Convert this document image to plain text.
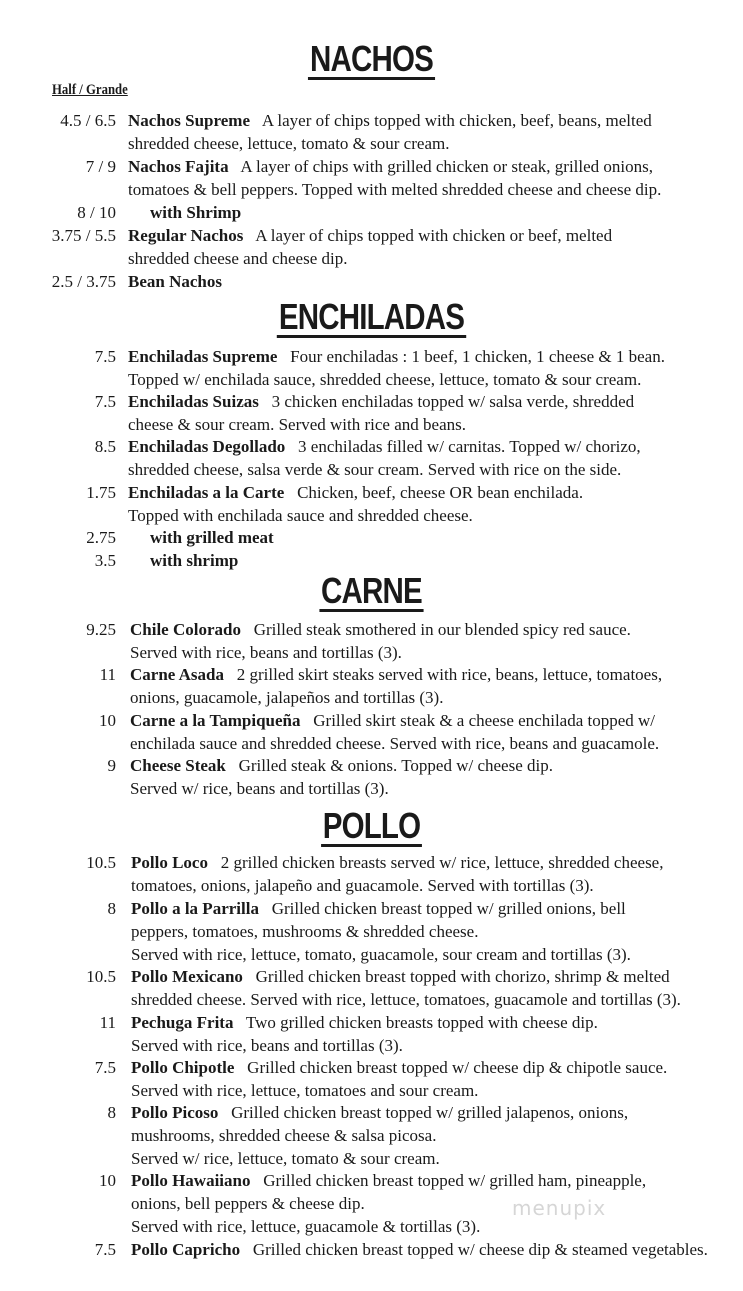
NACHOS
Half / Grande
4.5 / 6.5 Nachos Supreme A layer of chips topped with chicken, beef, beans, melted
shredded cheese, lettuce, tomato & sour cream.
7 / 9 Nachos Fajita A layer of chips with grilled chicken or steak, grilled onions,
tomatoes & bell peppers. Topped with melted shredded cheese and cheese dip.
8 / 10 with Shrimp
3.75 / 5.5 Regular Nachos A layer of chips topped with chicken or beef, melted
shredded cheese and cheese dip.
2.5 / 3.75 Bean Nachos
ENCHILADAS
7.5 Enchiladas Supreme Four enchiladas : 1 beef, 1 chicken, 1 cheese & 1 bean.
Topped w/ enchilada sauce, shredded cheese, lettuce, tomato & sour cream.
7.5 Enchiladas Suizas 3 chicken enchiladas topped w/ salsa verde, shredded
cheese & sour cream. Served with rice and beans.
8.5 Enchiladas Degollado 3 enchiladas filled w/ carnitas. Topped w/ chorizo,
shredded cheese, salsa verde & sour cream. Served with rice on the side.
1.75 Enchiladas a la Carte Chicken, beef, cheese OR bean enchilada.
Topped with enchilada sauce and shredded cheese.
2.75 with grilled meat
3.5 with shrimp
CARNE
9.25 Chile Colorado Grilled steak smothered in our blended spicy red sauce.
Served with rice, beans and tortillas (3).
11 Carne Asada 2 grilled skirt steaks served with rice, beans, lettuce, tomatoes,
onions, guacamole, jalapeños and tortillas (3).
10 Carne a la Tampiqueña Grilled skirt steak & a cheese enchilada topped w/
enchilada sauce and shredded cheese. Served with rice, beans and guacamole.
9 Cheese Steak Grilled steak & onions. Topped w/ cheese dip.
Served w/ rice, beans and tortillas (3).
POLLO
10.5 Pollo Loco 2 grilled chicken breasts served w/ rice, lettuce, shredded cheese,
tomatoes, onions, jalapeño and guacamole. Served with tortillas (3).
8 Pollo a la Parrilla Grilled chicken breast topped w/ grilled onions, bell
peppers, tomatoes, mushrooms & shredded cheese.
Served with rice, lettuce, tomato, guacamole, sour cream and tortillas (3).
10.5 Pollo Mexicano Grilled chicken breast topped with chorizo, shrimp & melted
shredded cheese. Served with rice, lettuce, tomatoes, guacamole and tortillas (3).
11 Pechuga Frita Two grilled chicken breasts topped with cheese dip.
Served with rice, beans and tortillas (3).
7.5 Pollo Chipotle Grilled chicken breast topped w/ cheese dip & chipotle sauce.
Served with rice, lettuce, tomatoes and sour cream.
8 Pollo Picoso Grilled chicken breast topped w/ grilled jalapenos, onions,
mushrooms, shredded cheese & salsa picosa.
Served w/ rice, lettuce, tomato & sour cream.
10 Pollo Hawaiiano Grilled chicken breast topped w/ grilled ham, pineapple,
onions, bell peppers & cheese dip.
Served with rice, lettuce, guacamole & tortillas (3).
7.5 Pollo Capricho Grilled chicken breast topped w/ cheese dip & steamed vegetables.
menupix
